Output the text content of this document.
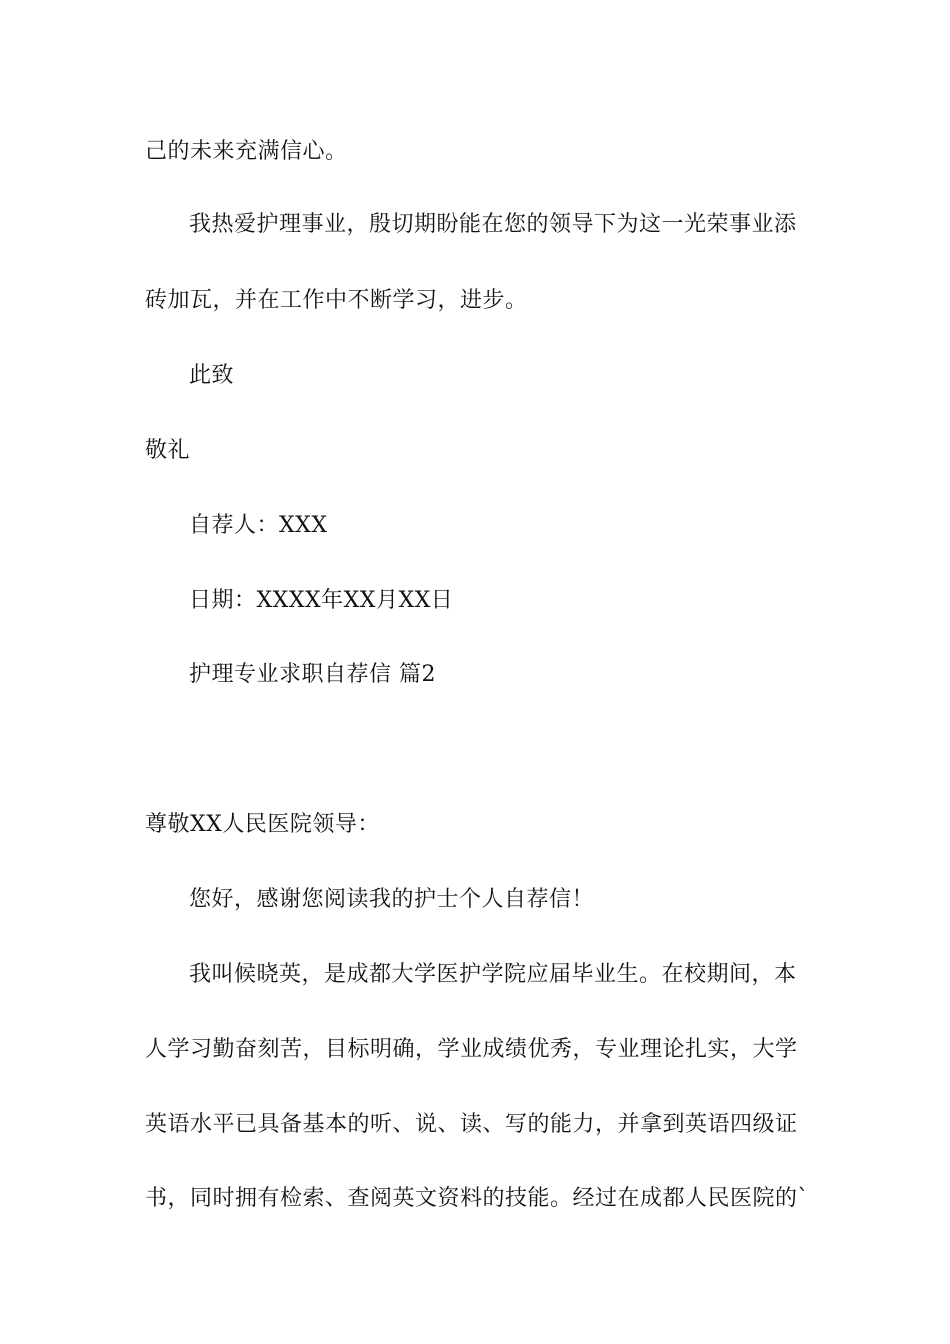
己的未来充满信心。
我热爱护理事业，殷切期盼能在您的领导下为这一光荣事业添
砖加瓦，并在工作中不断学习，进步。
此致
敬礼
自荐人：XXX
日期：XXXX年XX月XX日
护理专业求职自荐信 篇2
尊敬XX人民医院领导：
您好，感谢您阅读我的护士个人自荐信！
我叫候晓英，是成都大学医护学院应届毕业生。在校期间，本
人学习勤奋刻苦，目标明确，学业成绩优秀，专业理论扎实，大学
英语水平已具备基本的听、说、读、写的能力，并拿到英语四级证
书，同时拥有检索、查阅英文资料的技能。经过在成都人民医院的`
